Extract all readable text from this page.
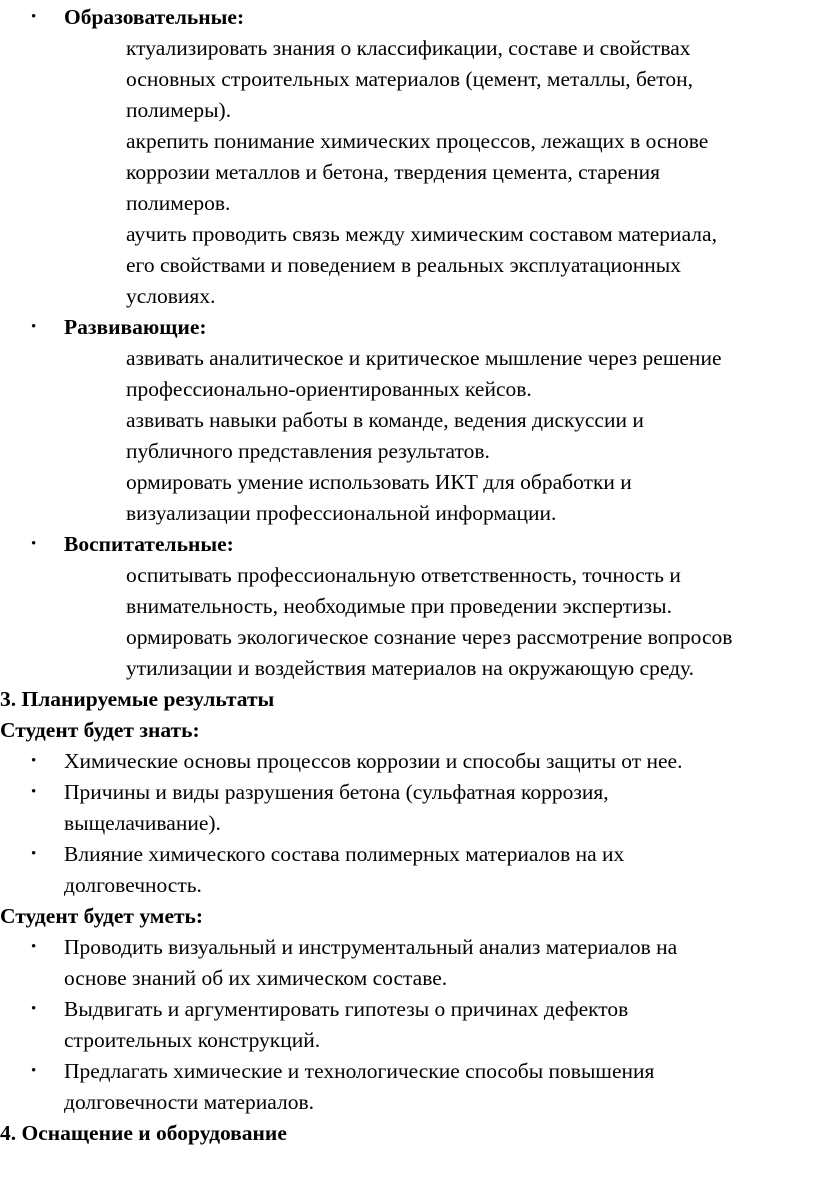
•	Образовательные:
ктуализировать знания о классификации, составе и свойствах
основных строительных материалов (цемент, металлы, бетон,
полимеры).
акрепить понимание химических процессов, лежащих в основе
коррозии металлов и бетона, твердения цемента, старения
полимеров.
аучить проводить связь между химическим составом материала,
его свойствами и поведением в реальных эксплуатационных
условиях.
•	Развивающие:
азвивать аналитическое и критическое мышление через решение
профессионально-ориентированных кейсов.
азвивать навыки работы в команде, ведения дискуссии и
публичного представления результатов.
ормировать умение использовать ИКТ для обработки и
визуализации профессиональной информации.
•	Воспитательные:
оспитывать профессиональную ответственность, точность и
внимательность, необходимые при проведении экспертизы.
ормировать экологическое сознание через рассмотрение вопросов
утилизации и воздействия материалов на окружающую среду.
3. Планируемые результаты
Студент будет знать:
•	Химические основы процессов коррозии и способы защиты от нее.
•	Причины и виды разрушения бетона (сульфатная коррозия,
выщелачивание).
•	Влияние химического состава полимерных материалов на их
долговечность.
Студент будет уметь:
•	Проводить визуальный и инструментальный анализ материалов на
основе знаний об их химическом составе.
•	Выдвигать и аргументировать гипотезы о причинах дефектов
строительных конструкций.
•	Предлагать химические и технологические способы повышения
долговечности материалов.
4. Оснащение и оборудование
